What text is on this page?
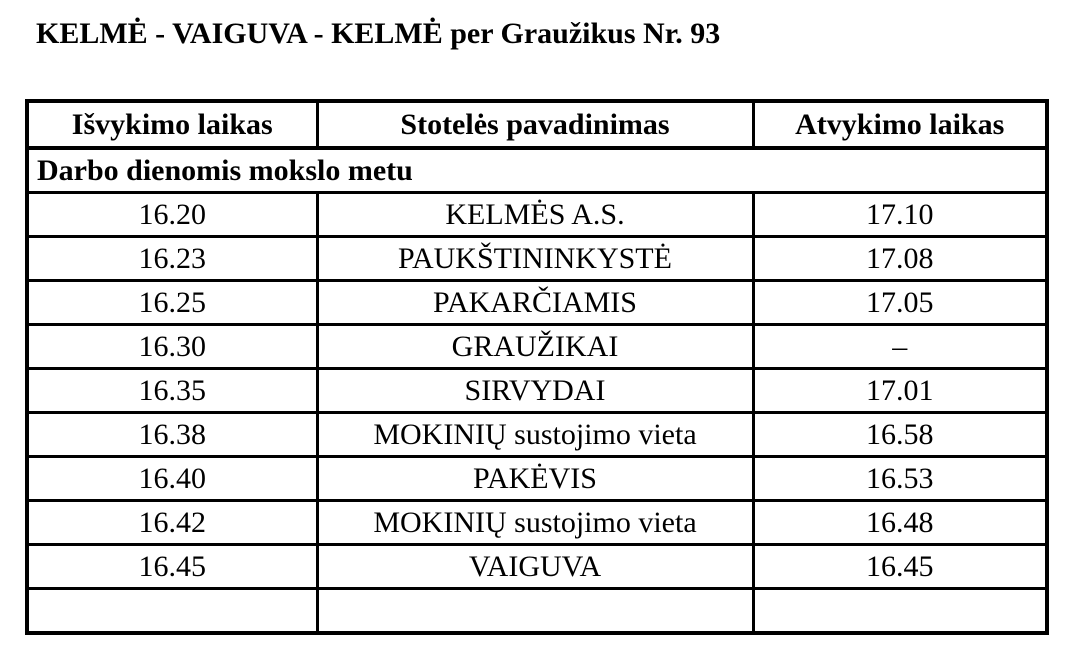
KELMĖ - VAIGUVA - KELMĖ per Graužikus Nr. 93
Išvykimo laikas	Stotelės pavadinimas	Atvykimo laikas
Darbo dienomis mokslo metu		
16.20	KELMĖS A.S.	17.10
16.23	PAUKŠTININKYSTĖ	17.08
16.25	PAKARČIAMIS	17.05
16.30	GRAUŽIKAI	–
16.35	SIRVYDAI	17.01
16.38	MOKINIŲ sustojimo vieta	16.58
16.40	PAKĖVIS	16.53
16.42	MOKINIŲ sustojimo vieta	16.48
16.45	VAIGUVA	16.45
